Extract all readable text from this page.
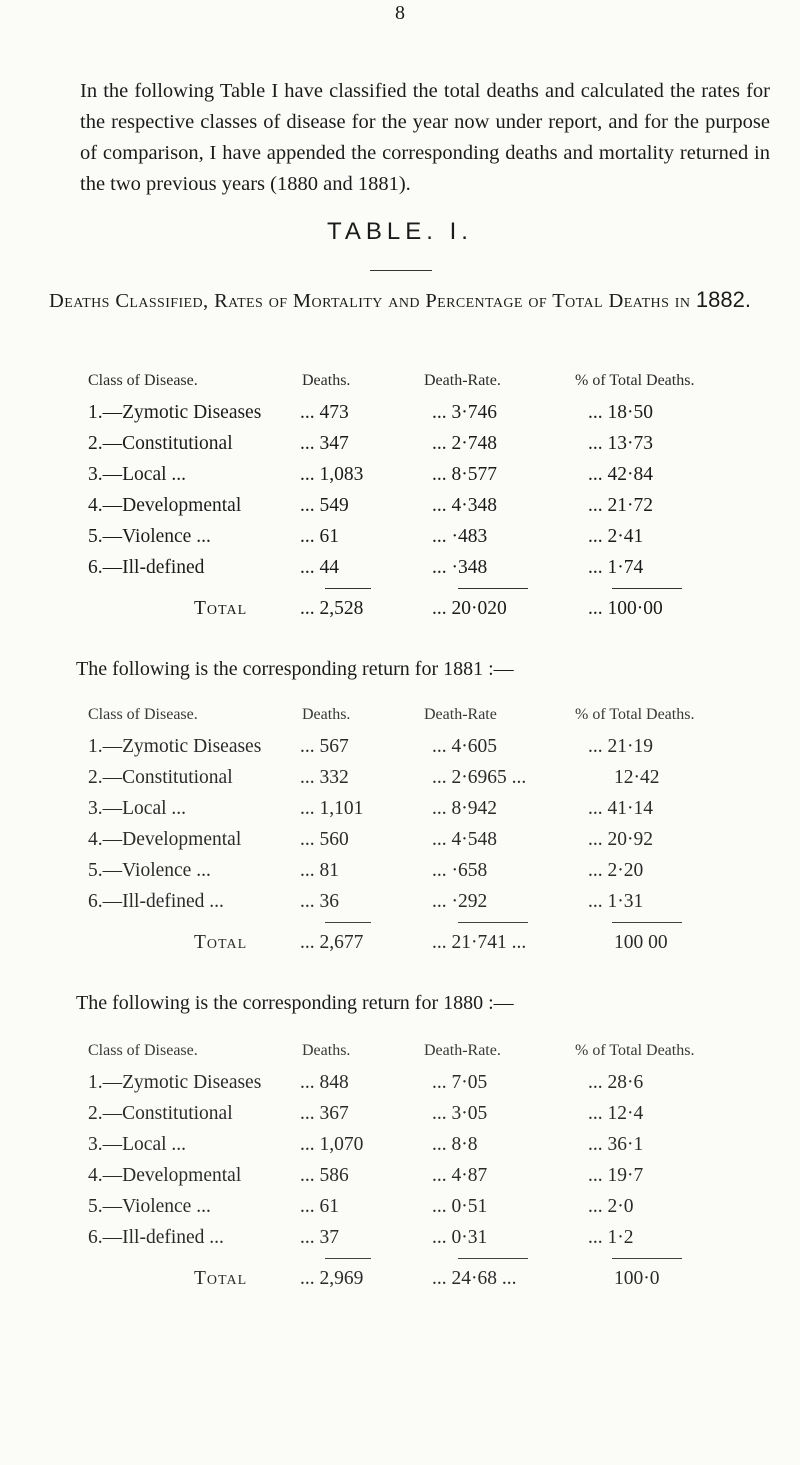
8

In the following Table I have classified the total deaths and calculated the rates for the respective classes of disease for the year now under report, and for the purpose of comparison, I have appended the corresponding deaths and mortality returned in the two previous years (1880 and 1881).

TABLE. I.
Deaths Classified, Rates of Mortality and Percentage of Total Deaths in 1882.
Class of Disease.	Deaths.	Death-Rate.	% of Total Deaths.
1.—Zymotic Diseases ... 473	... 3·746	... 18·50
2.—Constitutional	... 347	... 2·748	... 13·73
3.—Local ...	... 1,083	... 8·577	... 42·84
4.—Developmental	... 549	... 4·348	... 21·72
5.—Violence ...	... 61	... ·483	... 2·41
6.—Ill-defined	... 44	... ·348	... 1·74
Total	... 2,528	... 20·020	... 100·00
The following is the corresponding return for 1881 :—
Class of Disease.	Deaths.	Death-Rate	% of Total Deaths.
1.—Zymotic Diseases ... 567	... 4·605	... 21·19
2.—Constitutional	... 332	... 2·6965 ...	12·42
3.—Local ...	... 1,101	... 8·942	... 41·14
4.—Developmental	... 560	... 4·548	... 20·92
5.—Violence ...	... 81	... ·658	... 2·20
6.—Ill-defined ...	... 36	... ·292	... 1·31
Total	... 2,677	... 21·741 ...	100 00
The following is the corresponding return for 1880 :—
Class of Disease.	Deaths.	Death-Rate.	% of Total Deaths.
1.—Zymotic Diseases ... 848	... 7·05	... 28·6
2.—Constitutional	... 367	... 3·05	... 12·4
3.—Local ...	... 1,070	... 8·8	... 36·1
4.—Developmental	... 586	... 4·87	... 19·7
5.—Violence ...	... 61	... 0·51	... 2·0
6.—Ill-defined ...	... 37	... 0·31	... 1·2
Total	... 2,969	... 24·68 ...	100·0
